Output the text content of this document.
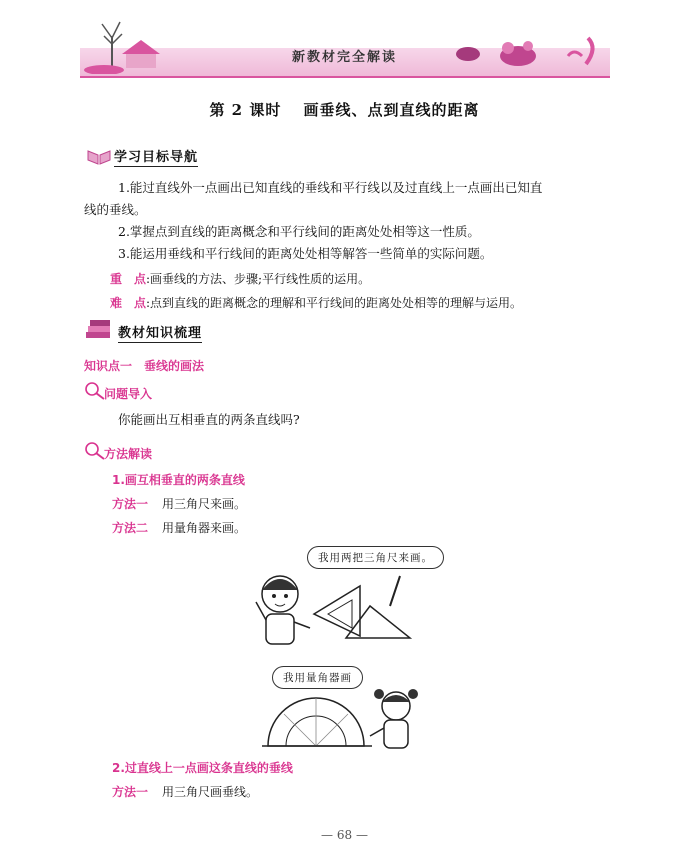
新教材完全解读
第 2 课时　 画垂线、点到直线的距离
学习目标导航
1.能过直线外一点画出已知直线的垂线和平行线以及过直线上一点画出已知直
线的垂线。
2.掌握点到直线的距离概念和平行线间的距离处处相等这一性质。
3.能运用垂线和平行线间的距离处处相等解答一些简单的实际问题。
重　点:画垂线的方法、步骤;平行线性质的运用。
难　点:点到直线的距离概念的理解和平行线间的距离处处相等的理解与运用。
教材知识梳理
知识点一　垂线的画法
问题导入
你能画出互相垂直的两条直线吗?
方法解读
1.画互相垂直的两条直线
方法一 用三角尺来画。
方法二 用量角器来画。
我用两把三角尺来画。
我用量角器画
2.过直线上一点画这条直线的垂线
方法一 用三角尺画垂线。
— 68 —
